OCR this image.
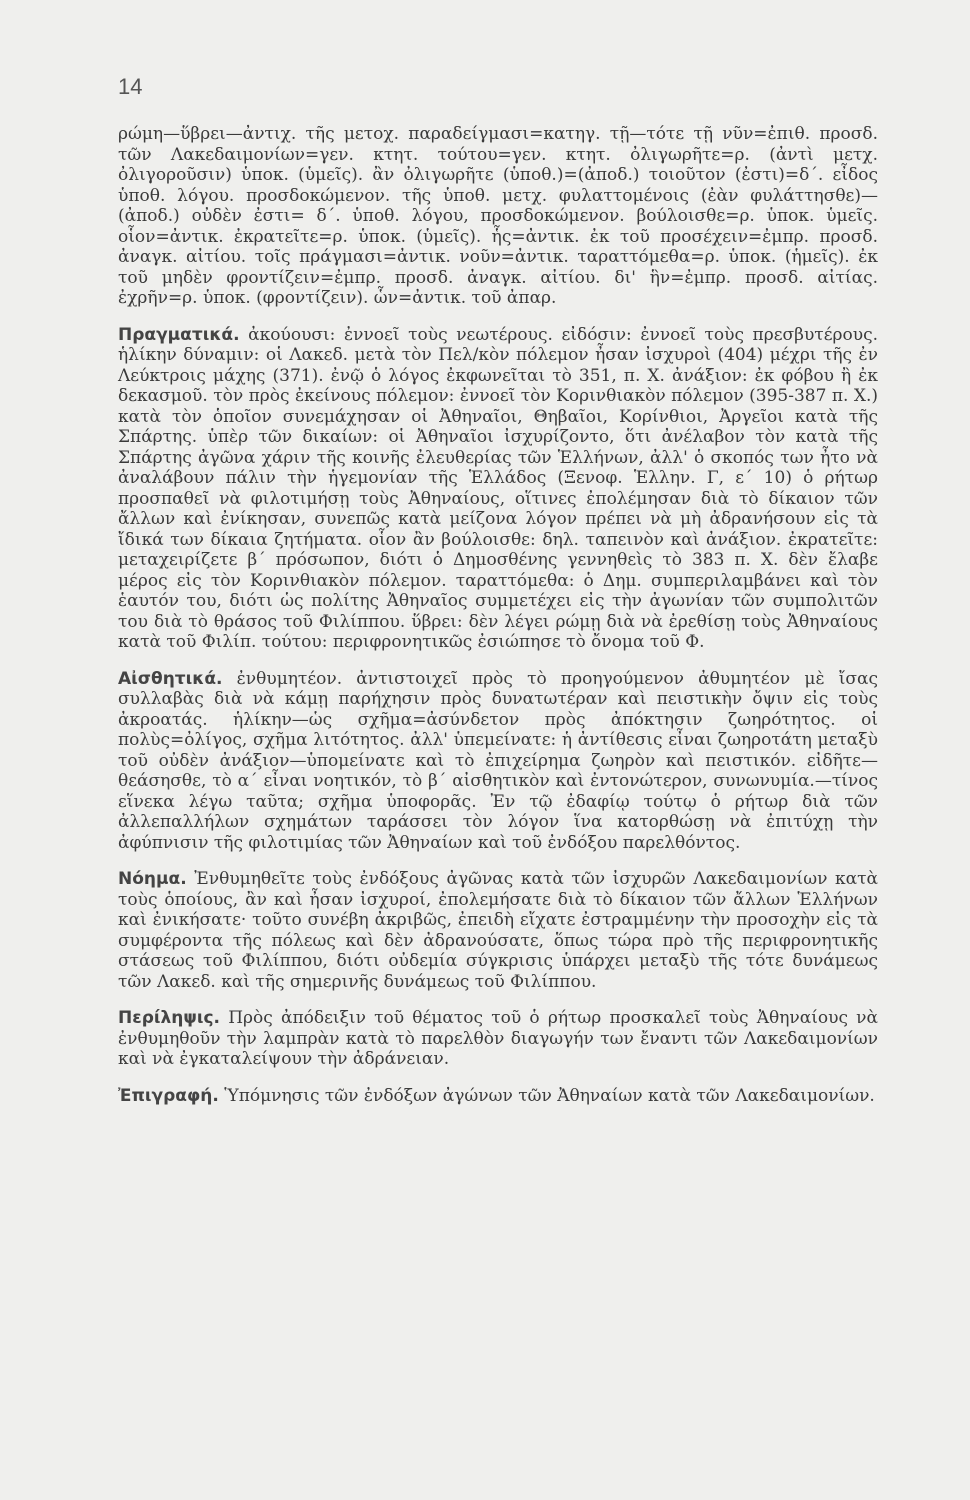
14

ρώμη—ὕβρει—ἀντιχ. τῆς μετοχ. παραδείγμασι=κατηγ. τῇ—τότε τῇ νῦν=ἐπιθ. προσδ. τῶν Λακεδαιμονίων=γεν. κτητ. τούτου=γεν. κτητ. ὀλιγωρῆτε=ρ. (ἀντὶ μετχ. ὀλιγοροῦσιν) ὑποκ. (ὑμεῖς). ἂν ὀλιγωρῆτε (ὑποθ.)=(ἀποδ.) τοιοῦτον (ἐστι)=δ΄. εἶδος ὑποθ. λόγου. προσδοκώμενον. τῆς ὑποθ. μετχ. φυλαττομένοις (ἐὰν φυλάττησθε)—(ἀποδ.) οὐδὲν ἐστι= δ΄. ὑποθ. λόγου, προσδοκώμενον. βούλοισθε=ρ. ὑποκ. ὑμεῖς. οἷον=ἀντικ. ἐκρατεῖτε=ρ. ὑποκ. (ὑμεῖς). ἧς=ἀντικ. ἐκ τοῦ προσέχειν=ἐμπρ. προσδ. ἀναγκ. αἰτίου. τοῖς πράγμασι=ἀντικ. νοῦν=ἀντικ. ταραττόμεθα=ρ. ὑποκ. (ἡμεῖς). ἐκ τοῦ μηδὲν φροντίζειν=ἐμπρ. προσδ. ἀναγκ. αἰτίου. δι' ἣν=ἐμπρ. προσδ. αἰτίας. ἐχρῆν=ρ. ὑποκ. (φροντίζειν). ὧν=ἀντικ. τοῦ ἀπαρ.

Πραγματικά. ἀκούουσι: ἐννοεῖ τοὺς νεωτέρους. εἰδόσιν: ἐννοεῖ τοὺς πρεσβυτέρους. ἡλίκην δύναμιν: οἱ Λακεδ. μετὰ τὸν Πελ/κὸν πόλεμον ἦσαν ἰσχυροὶ (404) μέχρι τῆς ἐν Λεύκτροις μάχης (371). ἐνῷ ὁ λόγος ἐκφωνεῖται τὸ 351, π. Χ. ἀνάξιον: ἐκ φόβου ἢ ἐκ δεκασμοῦ. τὸν πρὸς ἐκείνους πόλεμον: ἐννοεῖ τὸν Κορινθιακὸν πόλεμον (395-387 π. Χ.) κατὰ τὸν ὁποῖον συνεμάχησαν οἱ Ἀθηναῖοι, Θηβαῖοι, Κορίνθιοι, Ἀργεῖοι κατὰ τῆς Σπάρτης. ὑπὲρ τῶν δικαίων: οἱ Ἀθηναῖοι ἰσχυρίζοντο, ὅτι ἀνέλαβον τὸν κατὰ τῆς Σπάρτης ἀγῶνα χάριν τῆς κοινῆς ἐλευθερίας τῶν Ἑλλήνων, ἀλλ' ὁ σκοπός των ἦτο νὰ ἀναλάβουν πάλιν τὴν ἡγεμονίαν τῆς Ἑλλάδος (Ξενοφ. Ἑλλην. Γ, ε΄ 10) ὁ ρήτωρ προσπαθεῖ νὰ φιλοτιμήσῃ τοὺς Ἀθηναίους, οἵτινες ἐπολέμησαν διὰ τὸ δίκαιον τῶν ἄλλων καὶ ἐνίκησαν, συνεπῶς κατὰ μείζονα λόγον πρέπει νὰ μὴ ἀδρανήσουν εἰς τὰ ἴδικά των δίκαια ζητήματα. οἷον ἂν βούλοισθε: δηλ. ταπεινὸν καὶ ἀνάξιον. ἐκρατεῖτε: μεταχειρίζετε β΄ πρόσωπον, διότι ὁ Δημοσθένης γεννηθεὶς τὸ 383 π. Χ. δὲν ἔλαβε μέρος εἰς τὸν Κορινθιακὸν πόλεμον. ταραττόμεθα: ὁ Δημ. συμπεριλαμβάνει καὶ τὸν ἑαυτόν του, διότι ὡς πολίτης Ἀθηναῖος συμμετέχει εἰς τὴν ἀγωνίαν τῶν συμπολιτῶν του διὰ τὸ θράσος τοῦ Φιλίππου. ὕβρει: δὲν λέγει ρώμῃ διὰ νὰ ἐρεθίσῃ τοὺς Ἀθηναίους κατὰ τοῦ Φιλίπ. τούτου: περιφρονητικῶς ἐσιώπησε τὸ ὄνομα τοῦ Φ.

Αἰσθητικά. ἐνθυμητέον. ἀντιστοιχεῖ πρὸς τὸ προηγούμενον ἀθυμητέον μὲ ἴσας συλλαβὰς διὰ νὰ κάμῃ παρήχησιν πρὸς δυνατωτέραν καὶ πειστικὴν ὄψιν εἰς τοὺς ἀκροατάς. ἡλίκην—ὡς σχῆμα=ἀσύνδετον πρὸς ἀπόκτησιν ζωηρότητος. οἱ πολὺς=ὀλίγος, σχῆμα λιτότητος. ἀλλ' ὑπεμείνατε: ἡ ἀντίθεσις εἶναι ζωηροτάτη μεταξὺ τοῦ οὐδὲν ἀνάξιον—ὑπομείνατε καὶ τὸ ἐπιχείρημα ζωηρὸν καὶ πειστικόν. εἰδῆτε—θεάσησθε, τὸ α΄ εἶναι νοητικόν, τὸ β΄ αἰσθητικὸν καὶ ἐντονώτερον, συνωνυμία.—τίνος εἵνεκα λέγω ταῦτα; σχῆμα ὑποφορᾶς. Ἐν τῷ ἐδαφίῳ τούτῳ ὁ ρήτωρ διὰ τῶν ἀλλεπαλλήλων σχημάτων ταράσσει τὸν λόγον ἵνα κατορθώσῃ νὰ ἐπιτύχῃ τὴν ἀφύπνισιν τῆς φιλοτιμίας τῶν Ἀθηναίων καὶ τοῦ ἐνδόξου παρελθόντος.

Νόημα. Ἐνθυμηθεῖτε τοὺς ἐνδόξους ἀγῶνας κατὰ τῶν ἰσχυρῶν Λακεδαιμονίων κατὰ τοὺς ὁποίους, ἂν καὶ ἦσαν ἰσχυροί, ἐπολεμήσατε διὰ τὸ δίκαιον τῶν ἄλλων Ἑλλήνων καὶ ἐνικήσατε· τοῦτο συνέβη ἀκριβῶς, ἐπειδὴ εἴχατε ἐστραμμένην τὴν προσοχὴν εἰς τὰ συμφέροντα τῆς πόλεως καὶ δὲν ἀδρανούσατε, ὅπως τώρα πρὸ τῆς περιφρονητικῆς στάσεως τοῦ Φιλίππου, διότι οὐδεμία σύγκρισις ὑπάρχει μεταξὺ τῆς τότε δυνάμεως τῶν Λακεδ. καὶ τῆς σημερινῆς δυνάμεως τοῦ Φιλίππου.

Περίληψις. Πρὸς ἀπόδειξιν τοῦ θέματος τοῦ ὁ ρήτωρ προσκαλεῖ τοὺς Ἀθηναίους νὰ ἐνθυμηθοῦν τὴν λαμπρὰν κατὰ τὸ παρελθὸν διαγωγήν των ἔναντι τῶν Λακεδαιμονίων καὶ νὰ ἐγκαταλείψουν τὴν ἀδράνειαν.

Ἐπιγραφή. Ὑπόμνησις τῶν ἐνδόξων ἀγώνων τῶν Ἀθηναίων κατὰ τῶν Λακεδαιμονίων.
